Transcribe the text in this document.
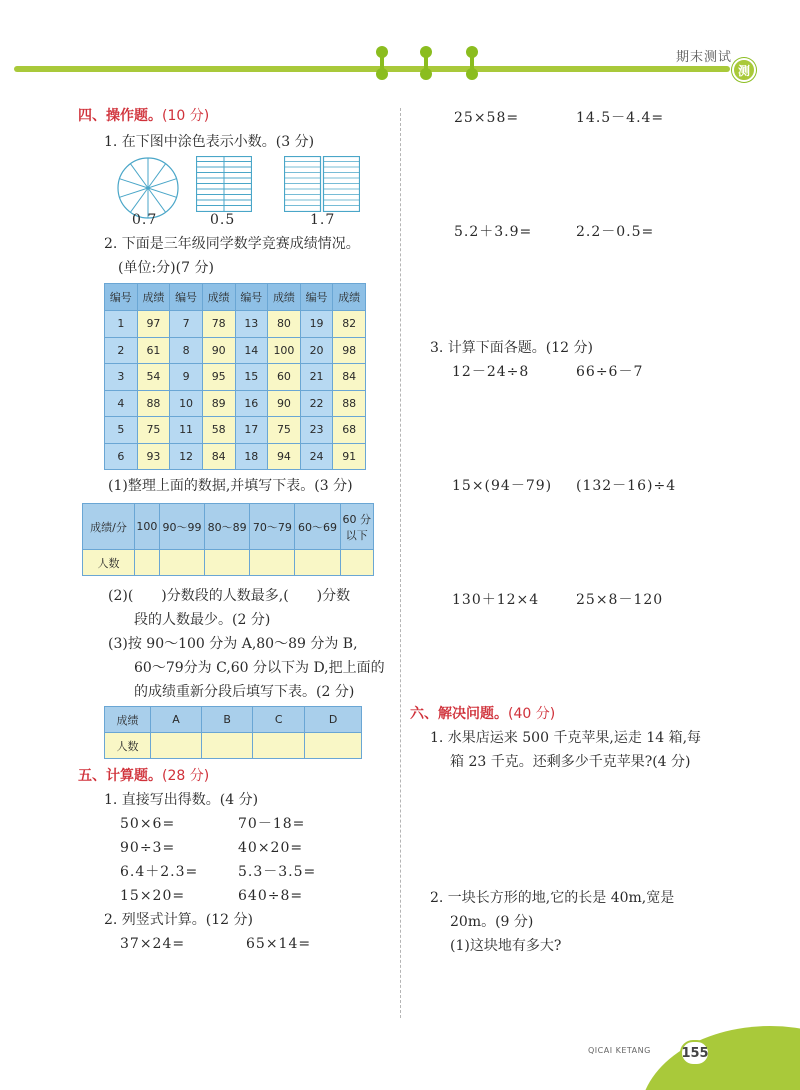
期末测试
测
四、操作题。(10 分)
1. 在下图中涂色表示小数。(3 分)
0.7	0.5	1.7
2. 下面是三年级同学数学竞赛成绩情况。
(单位:分)(7 分)
编号	成绩	编号	成绩	编号	成绩	编号	成绩
1	97	7	78	13	80	19	82
2	61	8	90	14	100	20	98
3	54	9	95	15	60	21	84
4	88	10	89	16	90	22	88
5	75	11	58	17	75	23	68
6	93	12	84	18	94	24	91
(1)整理上面的数据,并填写下表。(3 分)
成绩/分	100	90～99	80～89	70～79	60～69	60 分
以下

人数						
(2)(　　)分数段的人数最多,(　　)分数
段的人数最少。(2 分)
(3)按 90～100 分为 A,80～89 分为 B,
60～79分为 C,60 分以下为 D,把上面的
的成绩重新分段后填写下表。(2 分)
成绩	A	B	C	D
人数				
五、计算题。(28 分)
1. 直接写出得数。(4 分)
50×6=	70－18=
90÷3=	40×20=
6.4＋2.3=	5.3－3.5=
15×20=	640÷8=
2. 列竖式计算。(12 分)
37×24=	65×14=
25×58=	14.5－4.4=
5.2＋3.9=	2.2－0.5=
3. 计算下面各题。(12 分)
12－24÷8	66÷6－7
15×(94－79) (132－16)÷4
130＋12×4	25×8－120
六、解决问题。(40 分)
1. 水果店运来 500 千克苹果,运走 14 箱,每
箱 23 千克。还剩多少千克苹果?(4 分)
2. 一块长方形的地,它的长是 40m,宽是
20m。(9 分)
(1)这块地有多大?
QICAI KETANG 155
